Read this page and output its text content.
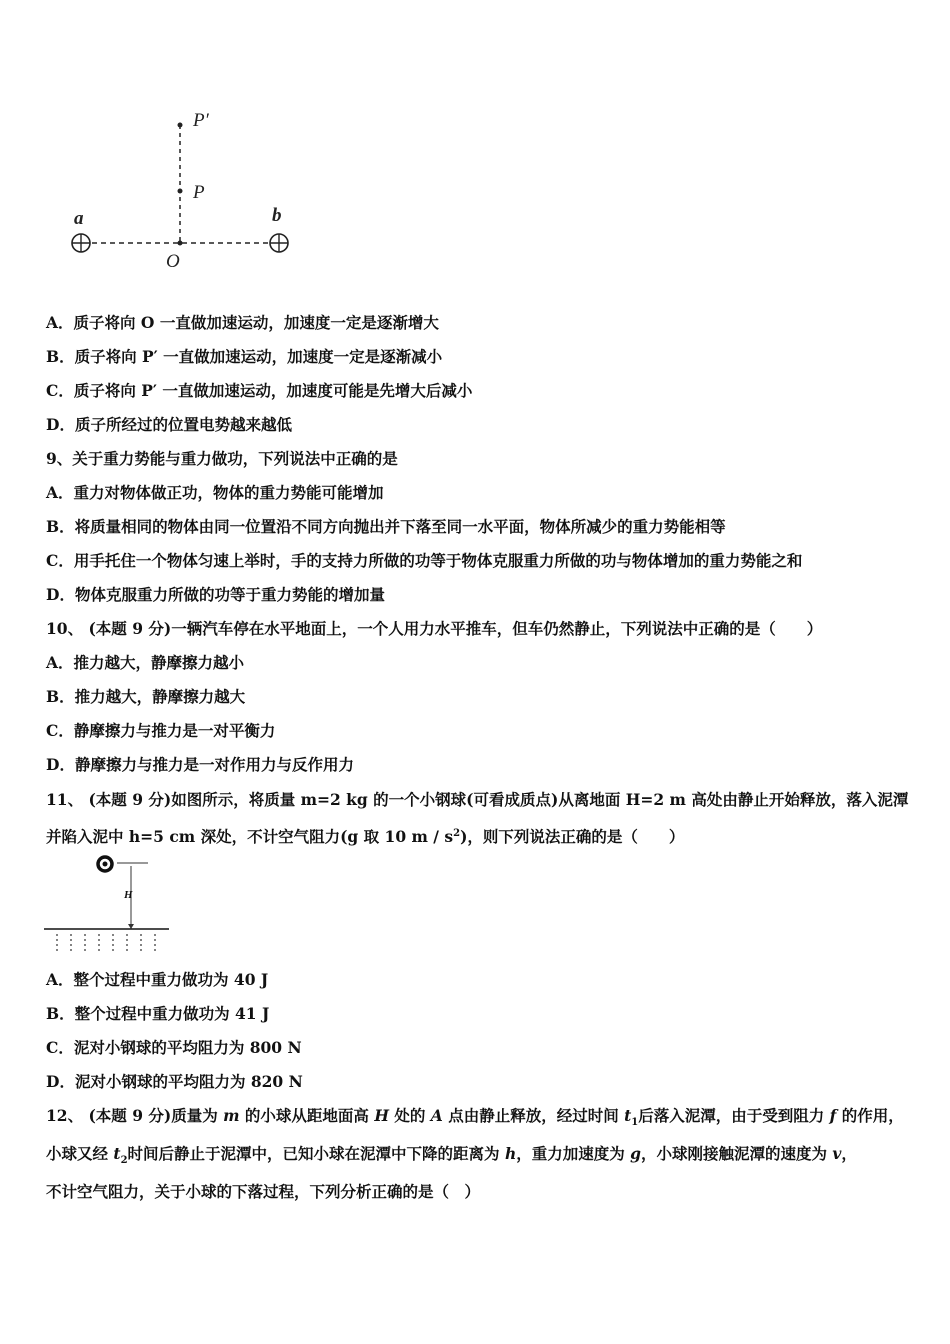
P′
P
a	b
O
A．质子将向 O 一直做加速运动，加速度一定是逐渐增大
B．质子将向 P′ 一直做加速运动，加速度一定是逐渐减小
C．质子将向 P′ 一直做加速运动，加速度可能是先增大后减小
D．质子所经过的位置电势越来越低
9、关于重力势能与重力做功，下列说法中正确的是
A．重力对物体做正功，物体的重力势能可能增加
B．将质量相同的物体由同一位置沿不同方向抛出并下落至同一水平面，物体所减少的重力势能相等
C．用手托住一个物体匀速上举时，手的支持力所做的功等于物体克服重力所做的功与物体增加的重力势能之和
D．物体克服重力所做的功等于重力势能的增加量
10、 (本题 9 分)一辆汽车停在水平地面上，一个人用力水平推车，但车仍然静止，下列说法中正确的是（　　）
A．推力越大，静摩擦力越小
B．推力越大，静摩擦力越大
C．静摩擦力与推力是一对平衡力
D．静摩擦力与推力是一对作用力与反作用力
11、 (本题 9 分)如图所示，将质量 m=2 kg 的一个小钢球(可看成质点)从离地面 H=2 m 高处由静止开始释放，落入泥潭
并陷入泥中 h=5 cm 深处，不计空气阻力(g 取 10 m / $s^2$)，则下列说法正确的是（　　）
H
A．整个过程中重力做功为 40 J
B．整个过程中重力做功为 41 J
C．泥对小钢球的平均阻力为 800 N
D．泥对小钢球的平均阻力为 820 N
12、 (本题 9 分)质量为 m 的小球从距地面高 H 处的 A 点由静止释放，经过时间 $t_1$后落入泥潭，由于受到阻力 f 的作用，
小球又经 $t_2$时间后静止于泥潭中，已知小球在泥潭中下降的距离为 h，重力加速度为 g，小球刚接触泥潭的速度为 v，
不计空气阻力，关于小球的下落过程，下列分析正确的是（　）
